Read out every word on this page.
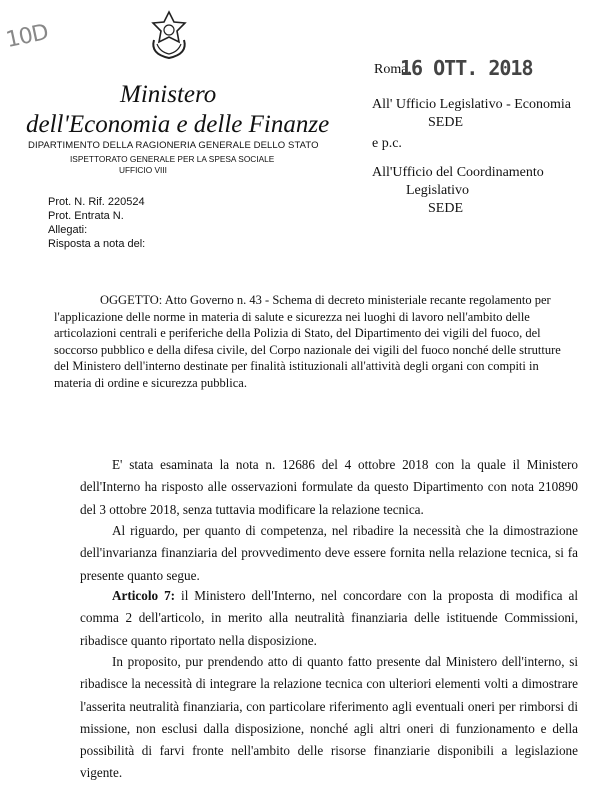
10D
Ministero
dell'Economia e delle Finanze
DIPARTIMENTO DELLA RAGIONERIA GENERALE DELLO STATO
ISPETTORATO GENERALE PER LA SPESA SOCIALE
UFFICIO VIII
Roma,
16 OTT. 2018
All' Ufficio Legislativo - Economia
SEDE
e p.c.
All'Ufficio del Coordinamento
Legislativo
SEDE
Prot. N. Rif. 220524
Prot. Entrata N.
Allegati:
Risposta a nota del:

OGGETTO: Atto Governo n. 43 - Schema di decreto ministeriale recante regolamento per l'applicazione delle norme in materia di salute e sicurezza nei luoghi di lavoro nell'ambito delle articolazioni centrali e periferiche della Polizia di Stato, del Dipartimento dei vigili del fuoco, del soccorso pubblico e della difesa civile, del Corpo nazionale dei vigili del fuoco nonché delle strutture del Ministero dell'interno destinate per finalità istituzionali all'attività degli organi con compiti in materia di ordine e sicurezza pubblica.

E' stata esaminata la nota n. 12686 del 4 ottobre 2018 con la quale il Ministero dell'Interno ha risposto alle osservazioni formulate da questo Dipartimento con nota 210890 del 3 ottobre 2018, senza tuttavia modificare la relazione tecnica.
Al riguardo, per quanto di competenza, nel ribadire la necessità che la dimostrazione dell'invarianza finanziaria del provvedimento deve essere fornita nella relazione tecnica, si fa presente quanto segue.
Articolo 7: il Ministero dell'Interno, nel concordare con la proposta di modifica al comma 2 dell'articolo, in merito alla neutralità finanziaria delle istituende Commissioni, ribadisce quanto riportato nella disposizione.
In proposito, pur prendendo atto di quanto fatto presente dal Ministero dell'interno, si ribadisce la necessità di integrare la relazione tecnica con ulteriori elementi volti a dimostrare l'asserita neutralità finanziaria, con particolare riferimento agli eventuali oneri per rimborsi di missione, non esclusi dalla disposizione, nonché agli altri oneri di funzionamento e della possibilità di farvi fronte nell'ambito delle risorse finanziarie disponibili a legislazione vigente.
